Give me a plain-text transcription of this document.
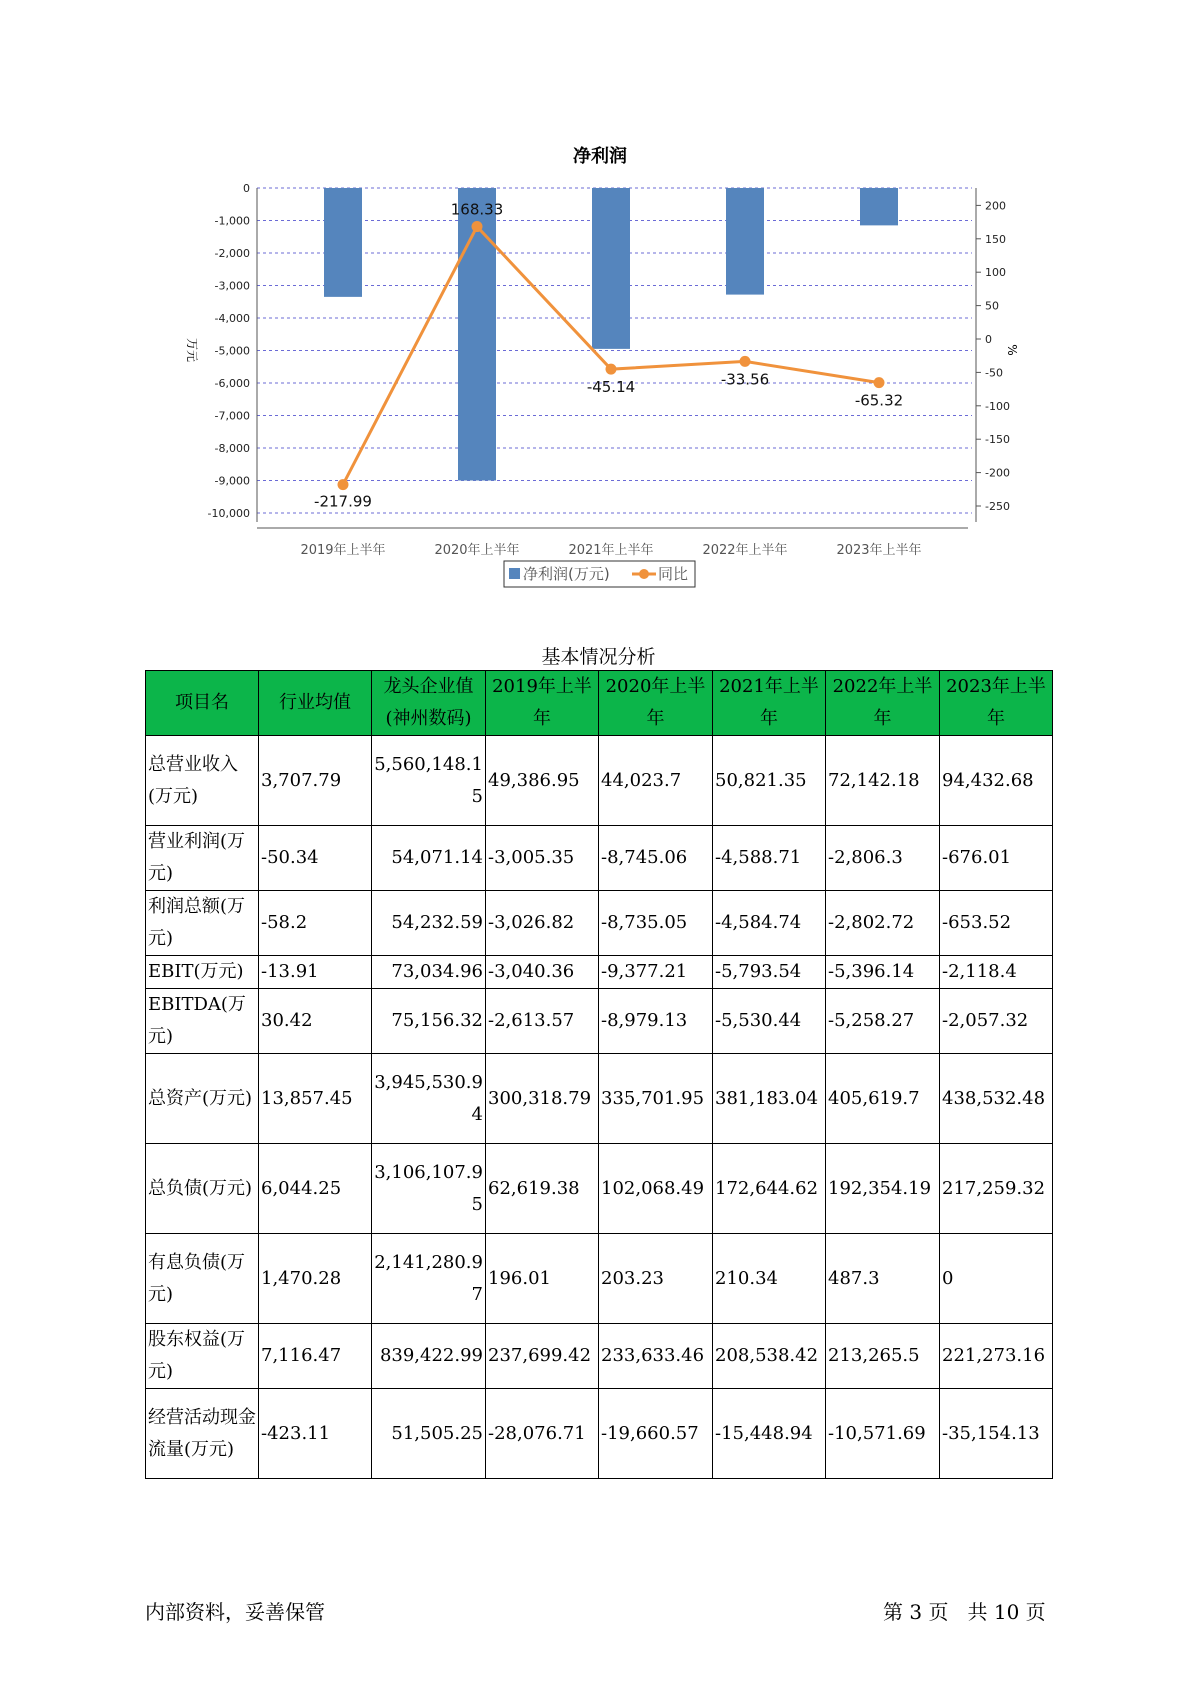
净利润
0
-1,000
-2,000
-3,000
-4,000
-5,000
-6,000
-7,000
-8,000
-9,000
-10,000
200
150
100
50
0
-50
-100
-150
-200
-250
2019年上半年	2020年上半年	2021年上半年	2022年上半年	2023年上半年
-217.99
168.33
-45.14	-33.56
-65.32
万元	%
净利润(万元)	同比
基本情况分析
项目名	行业均值	龙头企业值(神州数码)	2019年上半年	2020年上半年	2021年上半年	2022年上半年	2023年上半年
总营业收入(万元)	3,707.79	5,560,148.15	49,386.95	44,023.7	50,821.35	72,142.18	94,432.68
营业利润(万元)	-50.34	54,071.14	-3,005.35	-8,745.06	-4,588.71	-2,806.3	-676.01
利润总额(万元)	-58.2	54,232.59	-3,026.82	-8,735.05	-4,584.74	-2,802.72	-653.52
EBIT(万元)	-13.91	73,034.96	-3,040.36	-9,377.21	-5,793.54	-5,396.14	-2,118.4
EBITDA(万元)	30.42	75,156.32	-2,613.57	-8,979.13	-5,530.44	-5,258.27	-2,057.32
总资产(万元)	13,857.45	3,945,530.94	300,318.79	335,701.95	381,183.04	405,619.7	438,532.48
总负债(万元)	6,044.25	3,106,107.95	62,619.38	102,068.49	172,644.62	192,354.19	217,259.32
有息负债(万元)	1,470.28	2,141,280.97	196.01	203.23	210.34	487.3	0
股东权益(万元)	7,116.47	839,422.99	237,699.42	233,633.46	208,538.42	213,265.5	221,273.16
经营活动现金流量(万元)	-423.11	51,505.25	-28,076.71	-19,660.57	-15,448.94	-10,571.69	-35,154.13
内部资料，妥善保管	第 3 页   共 10 页
